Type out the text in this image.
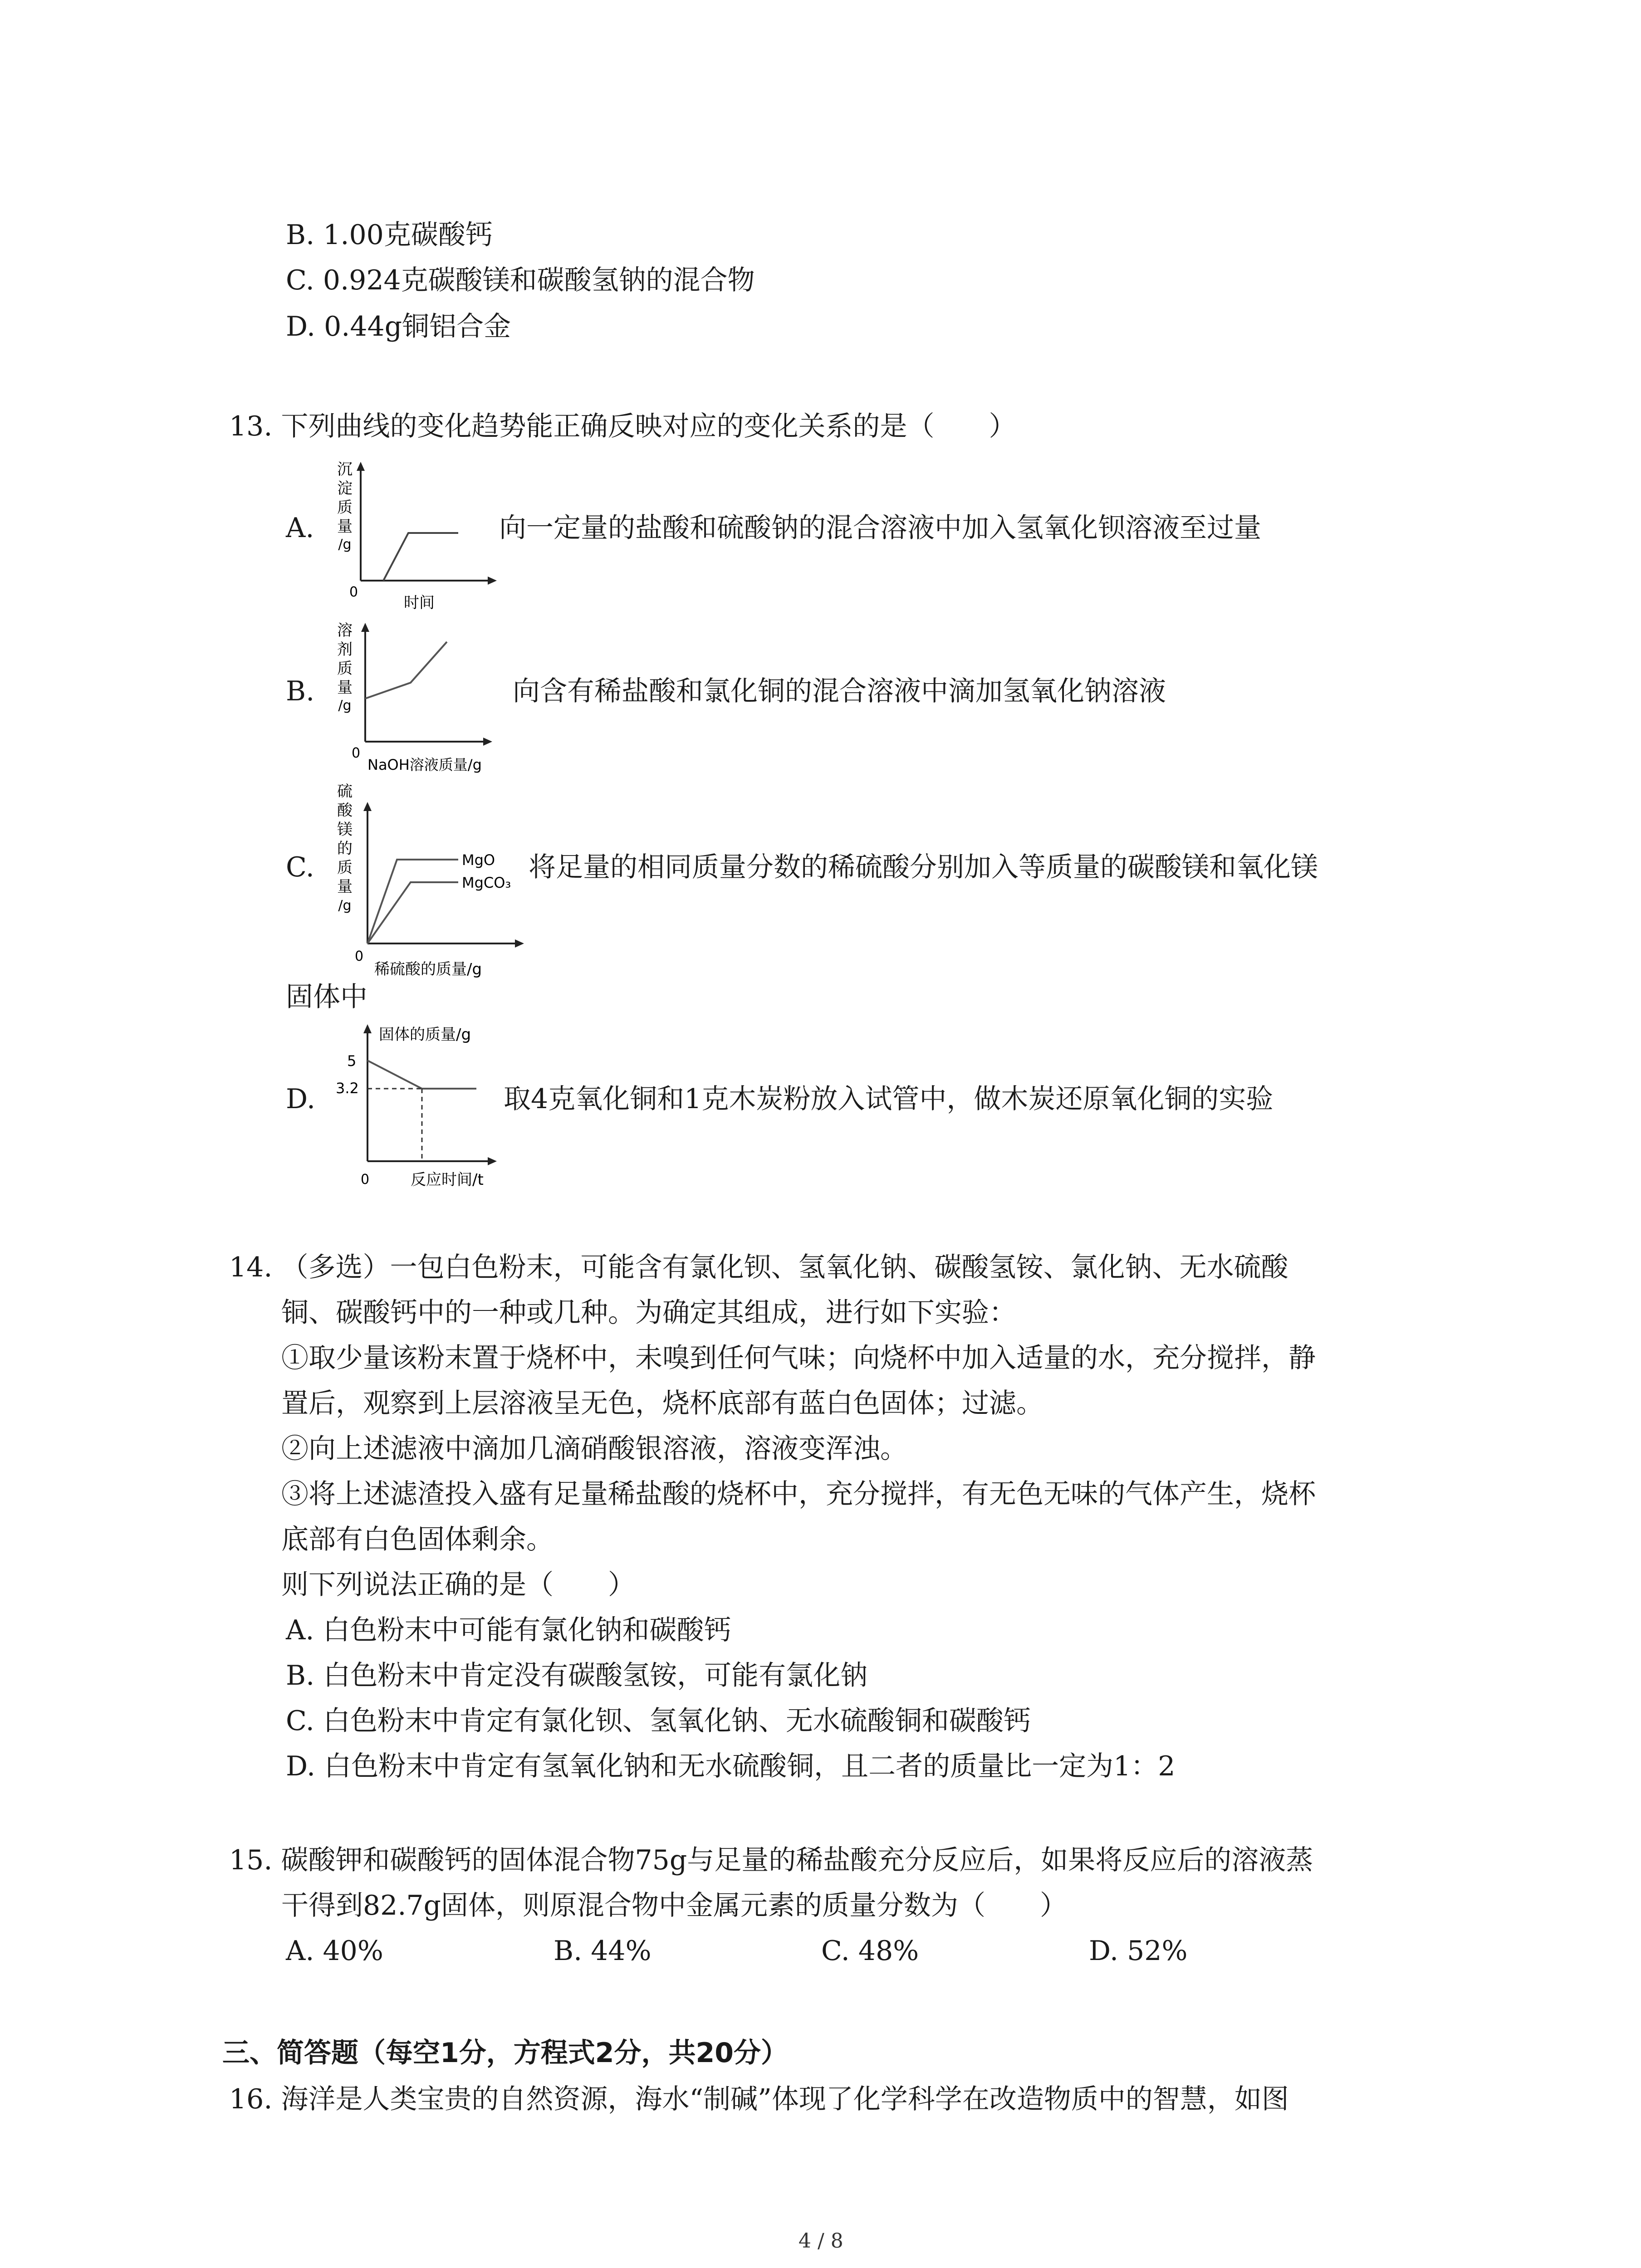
B. 1.00克碳酸钙
C. 0.924克碳酸镁和碳酸氢钠的混合物
D. 0.44g铜铝合金
13. 下列曲线的变化趋势能正确反映对应的变化关系的是（　　）
A.
沉
淀
质
量
/g
0
时间
向一定量的盐酸和硫酸钠的混合溶液中加入氢氧化钡溶液至过量
B.
溶
剂
质
量
/g
0
NaOH溶液质量/g
向含有稀盐酸和氯化铜的混合溶液中滴加氢氧化钠溶液
C.
硫
酸
镁
的
质
量
/g
MgO
MgCO₃
0
稀硫酸的质量/g
将足量的相同质量分数的稀硫酸分别加入等质量的碳酸镁和氧化镁
固体中
D.
固体的质量/g
5
3.2
0	反应时间/t
取4克氧化铜和1克木炭粉放入试管中，做木炭还原氧化铜的实验
14. （多选）一包白色粉末，可能含有氯化钡、氢氧化钠、碳酸氢铵、氯化钠、无水硫酸
铜、碳酸钙中的一种或几种。为确定其组成，进行如下实验：
①取少量该粉末置于烧杯中，未嗅到任何气味；向烧杯中加入适量的水，充分搅拌，静
置后，观察到上层溶液呈无色，烧杯底部有蓝白色固体；过滤。
②向上述滤液中滴加几滴硝酸银溶液，溶液变浑浊。
③将上述滤渣投入盛有足量稀盐酸的烧杯中，充分搅拌，有无色无味的气体产生，烧杯
底部有白色固体剩余。
则下列说法正确的是（　　）
A. 白色粉末中可能有氯化钠和碳酸钙
B. 白色粉末中肯定没有碳酸氢铵，可能有氯化钠
C. 白色粉末中肯定有氯化钡、氢氧化钠、无水硫酸铜和碳酸钙
D. 白色粉末中肯定有氢氧化钠和无水硫酸铜，且二者的质量比一定为1：2
15. 碳酸钾和碳酸钙的固体混合物75g与足量的稀盐酸充分反应后，如果将反应后的溶液蒸
干得到82.7g固体，则原混合物中金属元素的质量分数为（　　）
A. 40%	B. 44%	C. 48%	D. 52%
三、简答题（每空1分，方程式2分，共20分）
16. 海洋是人类宝贵的自然资源，海水“制碱”体现了化学科学在改造物质中的智慧，如图
4 / 8
